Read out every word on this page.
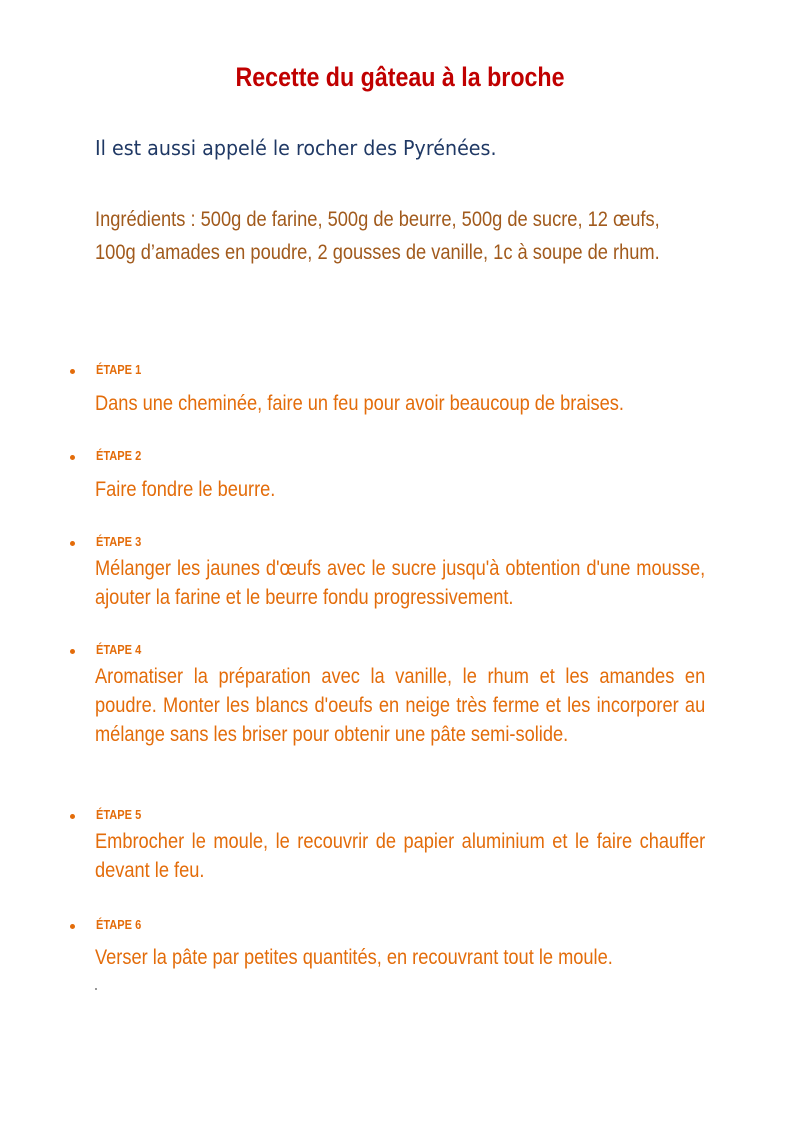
Recette du gâteau à la broche
Il est aussi appelé le rocher des Pyrénées.
Ingrédients : 500g de farine, 500g de beurre, 500g de sucre, 12 œufs, 100g d’amades en poudre, 2 gousses de vanille, 1c à soupe de rhum.
ÉTAPE 1
Dans une cheminée, faire un feu pour avoir beaucoup de braises.
ÉTAPE 2
Faire fondre le beurre.
ÉTAPE 3
Mélanger les jaunes d'œufs avec le sucre jusqu'à obtention d'une mousse, ajouter la farine et le beurre fondu progressivement.
ÉTAPE 4
Aromatiser la préparation avec la vanille, le rhum et les amandes en poudre. Monter les blancs d'oeufs en neige très ferme et les incorporer au mélange sans les briser pour obtenir une pâte semi-solide.
ÉTAPE 5
Embrocher le moule, le recouvrir de papier aluminium et le faire chauffer devant le feu.
ÉTAPE 6
Verser la pâte par petites quantités, en recouvrant tout le moule.
